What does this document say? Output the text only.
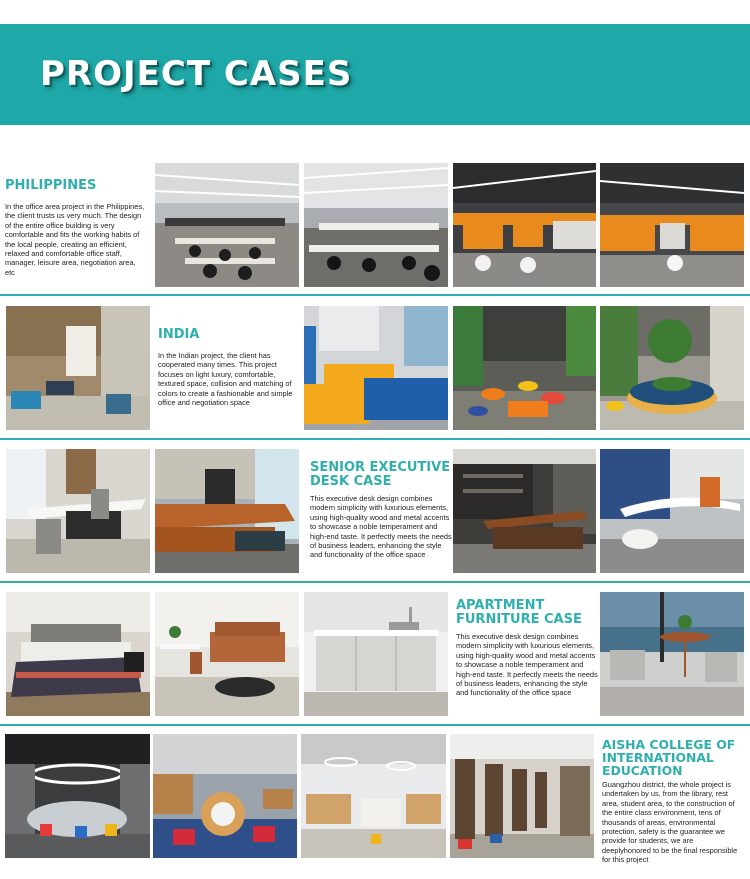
PROJECT CASES
PHILIPPINES
In the office area project in the Philippines, the client trusts us very much. The design of the entire office building is very comfortable and fits the working habits of the local people, creating an efficient, relaxed and comfortable office staff, manager, leisure area, negotiation area, etc
INDIA
In the Indian project, the client has cooperated many times. This project focuses on light luxury, comfortable, textured space, collision and matching of colors to create a fashionable and simple office and negotiation space
SENIOR EXECUTIVE DESK CASE
This executive desk design combines modern simplicity with luxurious elements, using high-quality wood and metal accents to showcase a noble temperament and high-end taste. It perfectly meets the needs of business leaders, enhancing the style and functionality of the office space
APARTMENT FURNITURE CASE
This executive desk design combines modern simplicity with luxurious elements, using high-quality wood and metal accents to showcase a noble temperament and high-end taste. It perfectly meets the needs of business leaders, enhancing the style and functionality of the office space
AISHA COLLEGE OF INTERNATIONAL EDUCATION
Guangzhou district, the whole project is undertaken by us, from the library, rest area, student area, to the construction of the entire class environment, tens of thousands of areas, environmental protection, safety is the guarantee we provide for students, we are deeplyhonored to be the final responsible for this project
